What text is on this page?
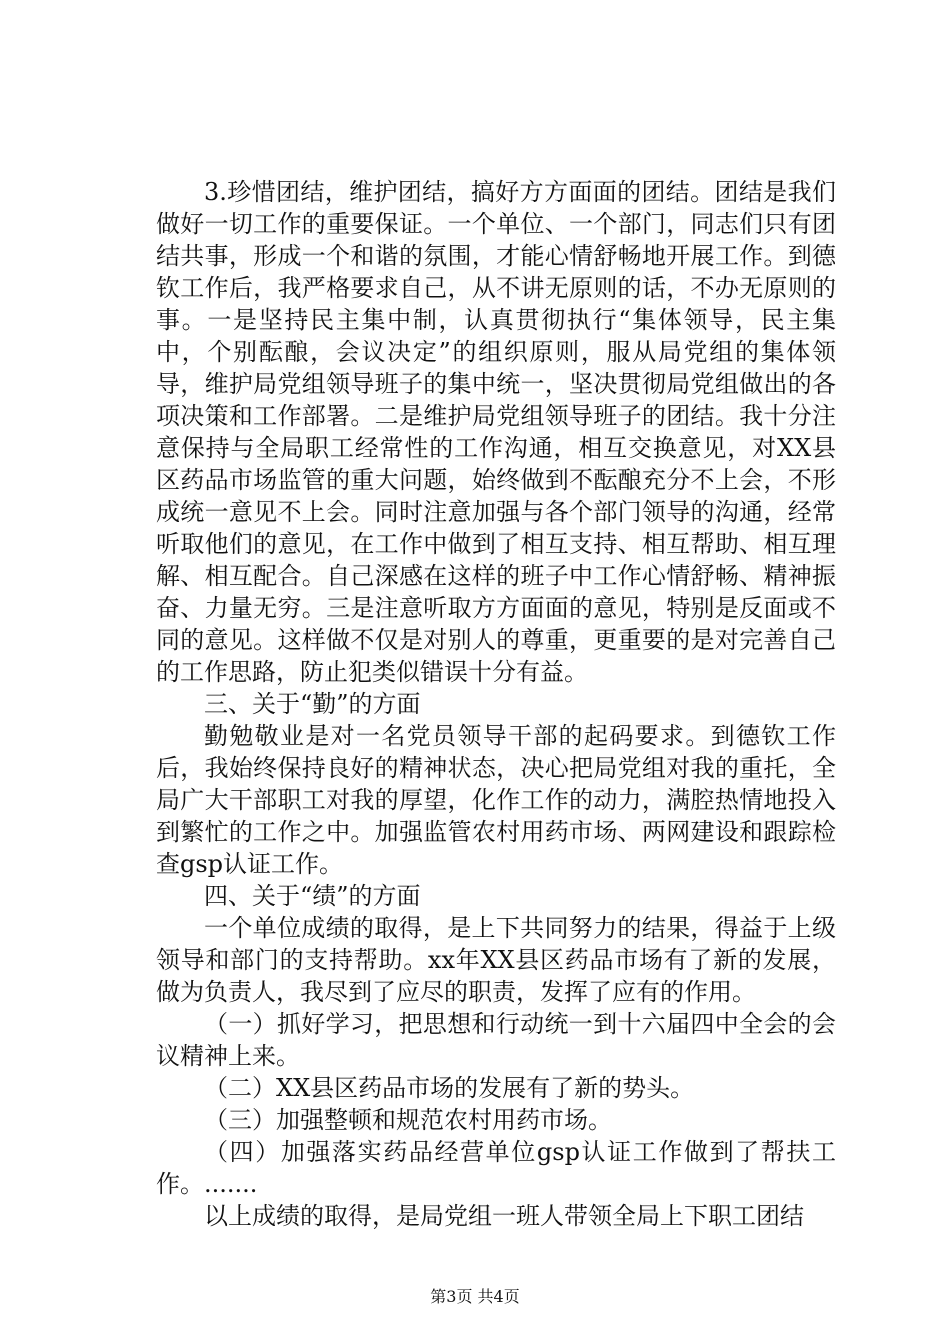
3.珍惜团结，维护团结，搞好方方面面的团结。团结是我们做好一切工作的重要保证。一个单位、一个部门，同志们只有团结共事，形成一个和谐的氛围，才能心情舒畅地开展工作。到德钦工作后，我严格要求自己，从不讲无原则的话，不办无原则的事。一是坚持民主集中制，认真贯彻执行“集体领导，民主集中，个别酝酿，会议决定”的组织原则，服从局党组的集体领导，维护局党组领导班子的集中统一，坚决贯彻局党组做出的各项决策和工作部署。二是维护局党组领导班子的团结。我十分注意保持与全局职工经常性的工作沟通，相互交换意见，对XX县区药品市场监管的重大问题，始终做到不酝酿充分不上会，不形成统一意见不上会。同时注意加强与各个部门领导的沟通，经常听取他们的意见，在工作中做到了相互支持、相互帮助、相互理解、相互配合。自己深感在这样的班子中工作心情舒畅、精神振奋、力量无穷。三是注意听取方方面面的意见，特别是反面或不同的意见。这样做不仅是对别人的尊重，更重要的是对完善自己的工作思路，防止犯类似错误十分有益。

三、关于“勤”的方面

勤勉敬业是对一名党员领导干部的起码要求。到德钦工作后，我始终保持良好的精神状态，决心把局党组对我的重托，全局广大干部职工对我的厚望，化作工作的动力，满腔热情地投入到繁忙的工作之中。加强监管农村用药市场、两网建设和跟踪检查gsp认证工作。

四、关于“绩”的方面

一个单位成绩的取得，是上下共同努力的结果，得益于上级领导和部门的支持帮助。xx年XX县区药品市场有了新的发展，做为负责人，我尽到了应尽的职责，发挥了应有的作用。

（一）抓好学习，把思想和行动统一到十六届四中全会的会议精神上来。

（二）XX县区药品市场的发展有了新的势头。

（三）加强整顿和规范农村用药市场。

（四）加强落实药品经营单位gsp认证工作做到了帮扶工作。.......

以上成绩的取得，是局党组一班人带领全局上下职工团结

第3页 共4页
